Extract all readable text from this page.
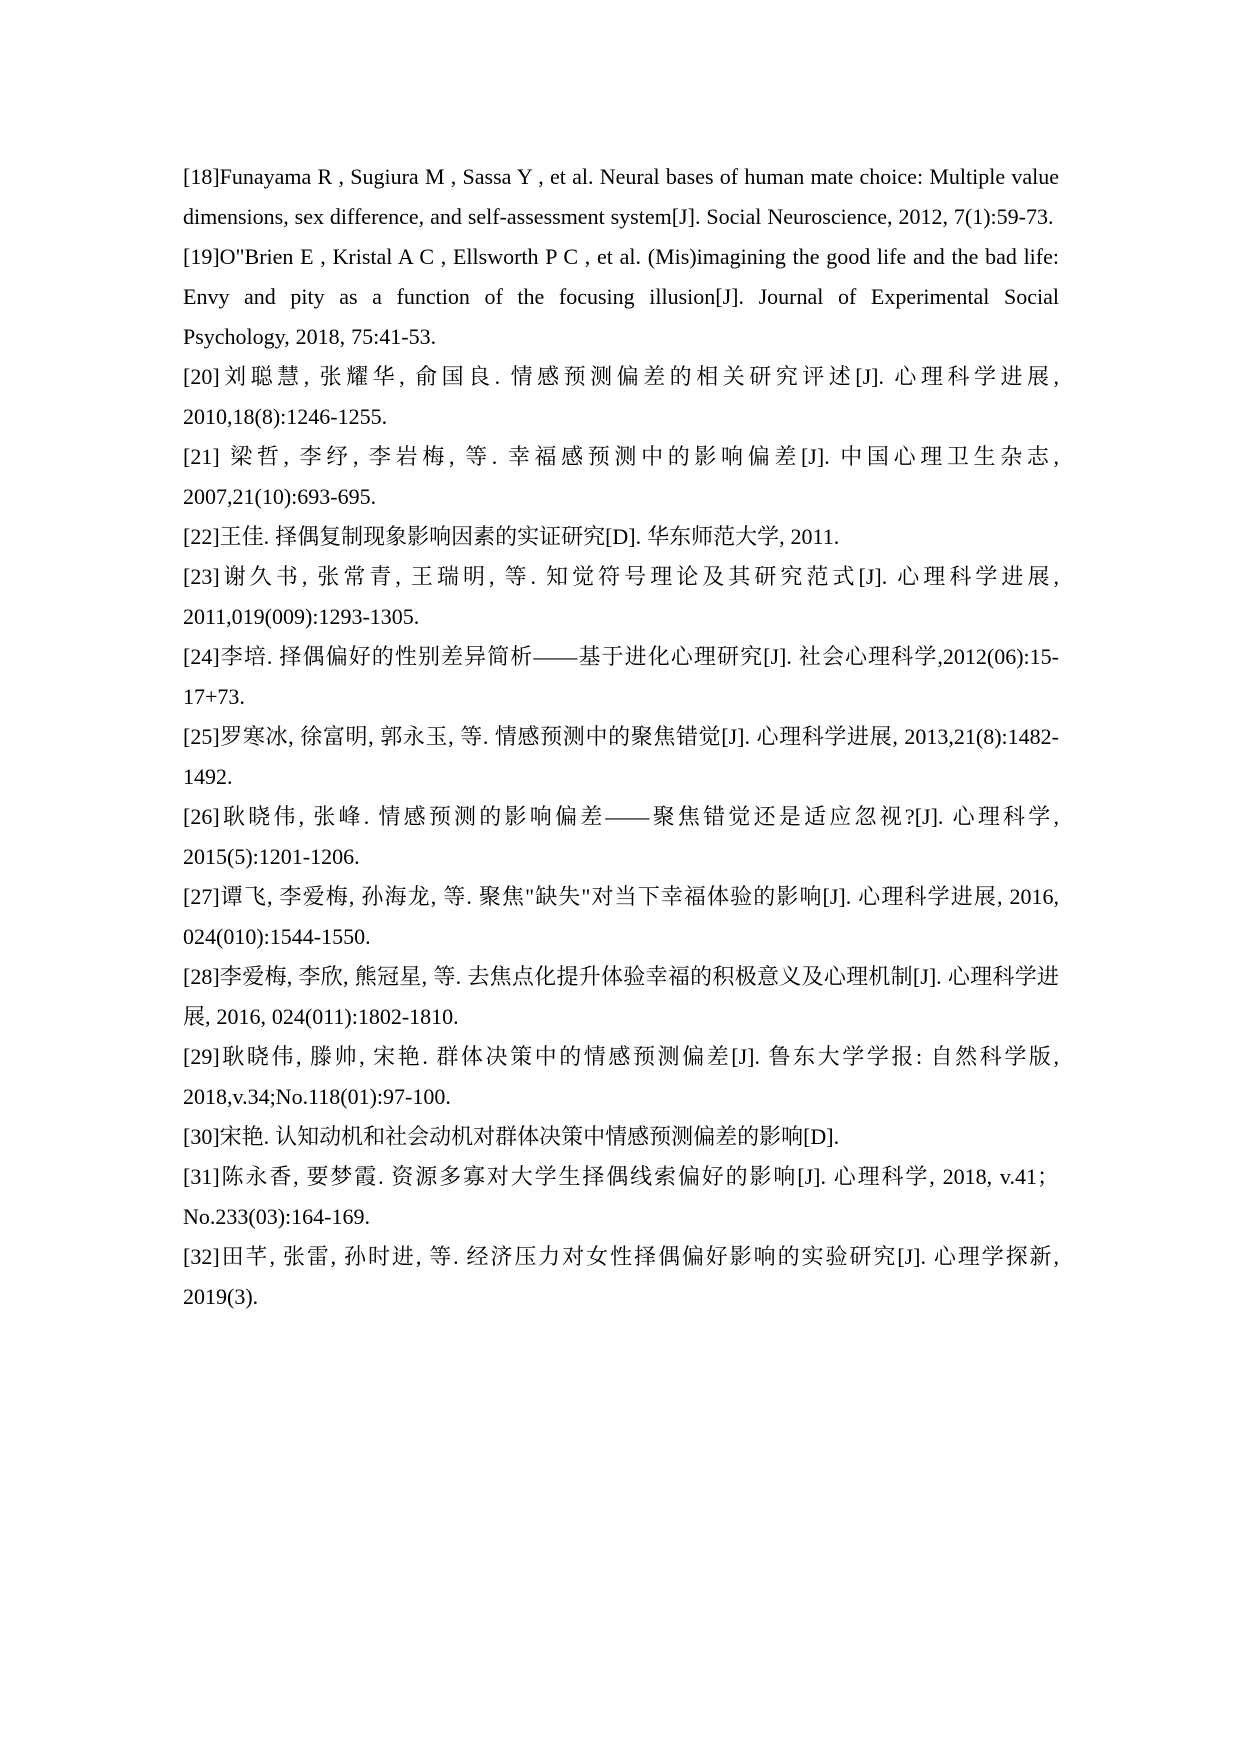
[18]Funayama R , Sugiura M , Sassa Y , et al. Neural bases of human mate choice: Multiple value dimensions, sex difference, and self-assessment system[J]. Social Neuroscience, 2012, 7(1):59-73.

[19]O"Brien E , Kristal A C , Ellsworth P C , et al. (Mis)imagining the good life and the bad life: Envy and pity as a function of the focusing illusion[J]. Journal of Experimental Social Psychology, 2018, 75:41-53.

[20]刘聪慧, 张耀华, 俞国良. 情感预测偏差的相关研究评述[J]. 心理科学进展, 2010,18(8):1246-1255.

[21] 梁哲, 李纾, 李岩梅, 等. 幸福感预测中的影响偏差[J]. 中国心理卫生杂志, 2007,21(10):693-695.

[22]王佳. 择偶复制现象影响因素的实证研究[D]. 华东师范大学, 2011.

[23]谢久书, 张常青, 王瑞明, 等. 知觉符号理论及其研究范式[J]. 心理科学进展, 2011,019(009):1293-1305.

[24]李培. 择偶偏好的性别差异简析——基于进化心理研究[J]. 社会心理科学,2012(06):15-17+73.

[25]罗寒冰, 徐富明, 郭永玉, 等. 情感预测中的聚焦错觉[J]. 心理科学进展, 2013,21(8):1482-1492.

[26]耿晓伟, 张峰. 情感预测的影响偏差——聚焦错觉还是适应忽视?[J]. 心理科学, 2015(5):1201-1206.

[27]谭飞, 李爱梅, 孙海龙, 等. 聚焦"缺失"对当下幸福体验的影响[J]. 心理科学进展, 2016, 024(010):1544-1550.

[28]李爱梅, 李欣, 熊冠星, 等. 去焦点化提升体验幸福的积极意义及心理机制[J]. 心理科学进展, 2016, 024(011):1802-1810.

[29]耿晓伟, 滕帅, 宋艳. 群体决策中的情感预测偏差[J]. 鲁东大学学报: 自然科学版, 2018,v.34;No.118(01):97-100.

[30]宋艳. 认知动机和社会动机对群体决策中情感预测偏差的影响[D].

[31]陈永香, 要梦霞. 资源多寡对大学生择偶线索偏好的影响[J]. 心理科学, 2018, v.41；No.233(03):164-169.

[32]田芊, 张雷, 孙时进, 等. 经济压力对女性择偶偏好影响的实验研究[J]. 心理学探新, 2019(3).
